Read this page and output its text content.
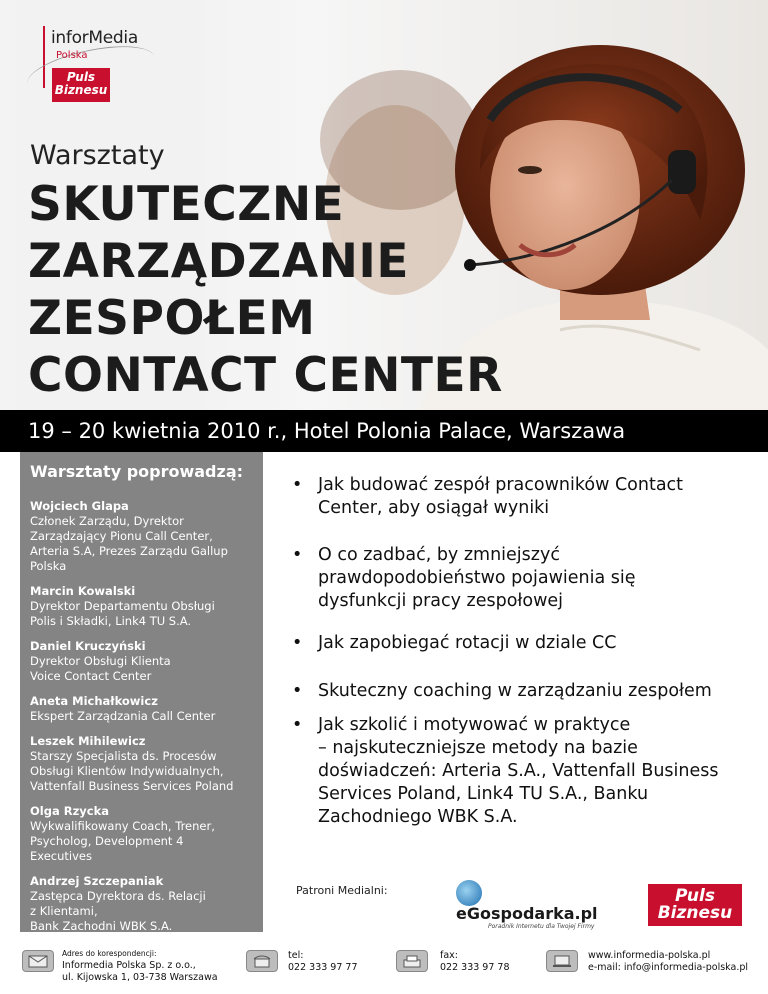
inforMedia
Polska
Puls
Biznesu
Warsztaty
SKUTECZNE
ZARZĄDZANIE
ZESPOŁEM
CONTACT CENTER
19 – 20 kwietnia 2010 r., Hotel Polonia Palace, Warszawa
Warsztaty poprowadzą:
Wojciech Glapa
Członek Zarządu, Dyrektor
Zarządzający Pionu Call Center,
Arteria S.A, Prezes Zarządu Gallup
Polska
Marcin Kowalski
Dyrektor Departamentu Obsługi
Polis i Składki, Link4 TU S.A.
Daniel Kruczyński
Dyrektor Obsługi Klienta
Voice Contact Center
Aneta Michałkowicz
Ekspert Zarządzania Call Center
Leszek Mihilewicz
Starszy Specjalista ds. Procesów
Obsługi Klientów Indywidualnych,
Vattenfall Business Services Poland
Olga Rzycka
Wykwalifikowany Coach, Trener,
Psycholog, Development 4
Executives
Andrzej Szczepaniak
Zastępca Dyrektora ds. Relacji
z Klientami,
Bank Zachodni WBK S.A.
• Jak budować zespół pracowników Contact
Center, aby osiągał wyniki
• O co zadbać, by zmniejszyć
prawdopodobieństwo pojawienia się
dysfunkcji pracy zespołowej
• Jak zapobiegać rotacji w dziale CC
• Skuteczny coaching w zarządzaniu zespołem
• Jak szkolić i motywować w praktyce
– najskuteczniejsze metody na bazie
doświadczeń: Arteria S.A., Vattenfall Business
Services Poland, Link4 TU S.A., Banku
Zachodniego WBK S.A.
Patroni Medialni:
eGospodarka.pl
Poradnik Internetu dla Twojej Firmy
Puls
Biznesu
Adres do korespondencji:
Informedia Polska Sp. z o.o.,
ul. Kijowska 1, 03-738 Warszawa
tel:
022 333 97 77
fax:
022 333 97 78
www.informedia-polska.pl
e-mail: info@informedia-polska.pl
